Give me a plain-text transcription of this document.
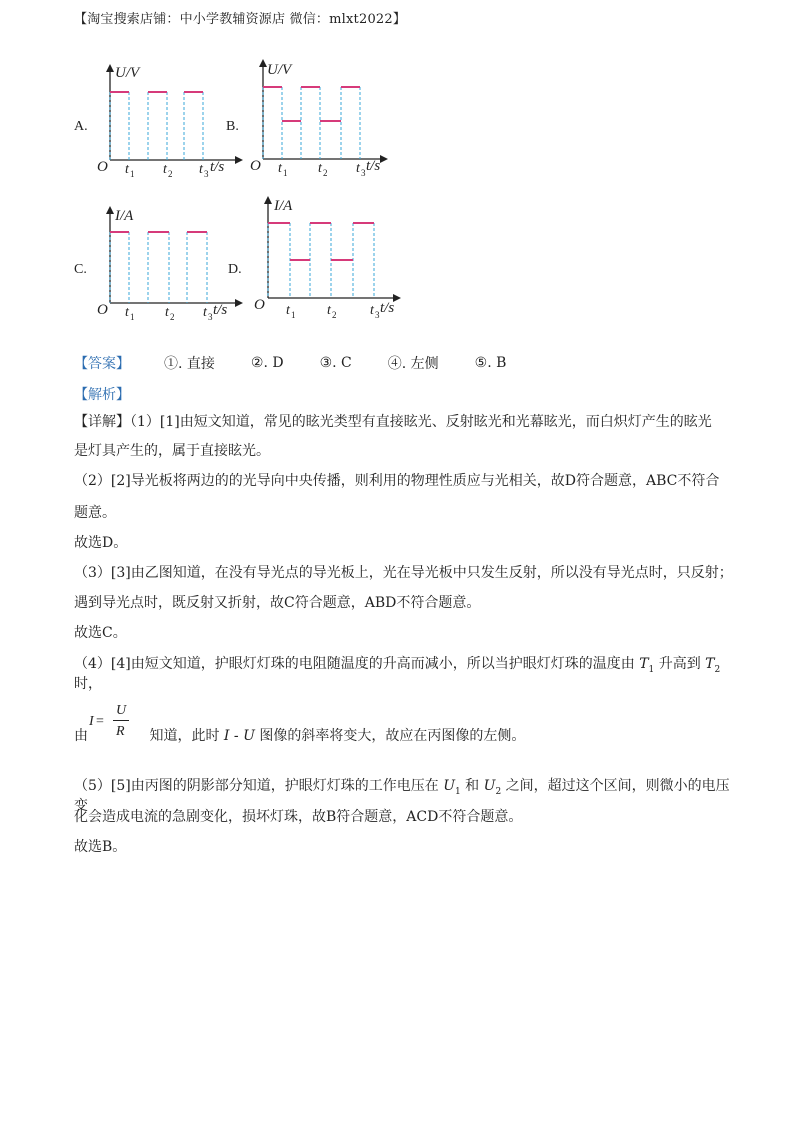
【淘宝搜索店铺：中小学教辅资源店 微信：mlxt2022】
A.
U/V
O t 1 t 2 t 3 t/s
B.
U/V
O t 1 t 2 t 3 t/s
C.
I/A
O t 1 t 2 t 3 t/s
D.
I/A
O t 1 t 2 t 3 t/s
【答案】 ①. 直接	②. D	③. C	④. 左侧	⑤. B
【解析】
【详解】（1）[1]由短文知道，常见的眩光类型有直接眩光、反射眩光和光幕眩光，而白炽灯产生的眩光
是灯具产生的，属于直接眩光。
（2）[2]导光板将两边的的光导向中央传播，则利用的物理性质应与光相关，故D符合题意，ABC不符合
题意。
故选D。
（3）[3]由乙图知道，在没有导光点的导光板上，光在导光板中只发生反射，所以没有导光点时，只反射；
遇到导光点时，既反射又折射，故C符合题意，ABD不符合题意。
故选C。
（4）[4]由短文知道，护眼灯灯珠的电阻随温度的升高而减小，所以当护眼灯灯珠的温度由 $T_1$ 升高到 $T_2$时，
I =
U
R
由	知道，此时 I - U 图像的斜率将变大，故应在丙图像的左侧。
（5）[5]由丙图的阴影部分知道，护眼灯灯珠的工作电压在 $U_1$ 和 $U_2$ 之间，超过这个区间，则微小的电压变
化会造成电流的急剧变化，损坏灯珠，故B符合题意，ACD不符合题意。
故选B。
